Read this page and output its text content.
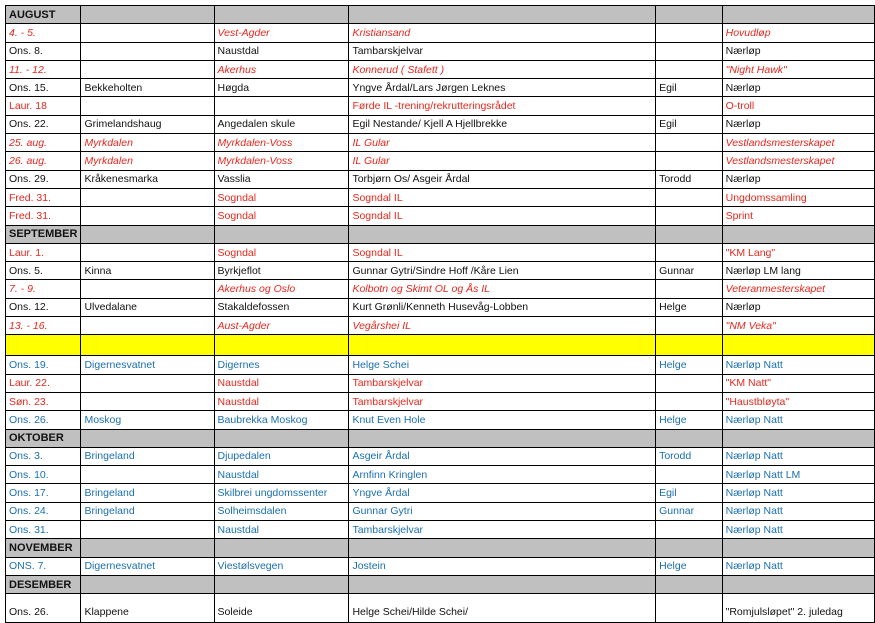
AUGUST					
4. - 5.		Vest-Agder	Kristiansand		Hovudløp
Ons. 8.		Naustdal	Tambarskjelvar		Nærløp
11. - 12.		Akerhus	Konnerud ( Stafett )		"Night Hawk"
Ons. 15.	Bekkeholten	Høgda	Yngve Årdal/Lars Jørgen Leknes	Egil	Nærløp
Laur. 18			Førde IL -trening/rekrutteringsrådet		O-troll
Ons. 22.	Grimelandshaug	Angedalen skule	Egil Nestande/ Kjell A Hjellbrekke	Egil	Nærløp
25. aug.	Myrkdalen	Myrkdalen-Voss	IL Gular		Vestlandsmesterskapet
26. aug.	Myrkdalen	Myrkdalen-Voss	IL Gular		Vestlandsmesterskapet
Ons. 29.	Kråkenesmarka	Vasslia	Torbjørn Os/ Asgeir Årdal	Torodd	Nærløp
Fred. 31.		Sogndal	Sogndal IL		Ungdomssamling
Fred. 31.		Sogndal	Sogndal IL		Sprint
SEPTEMBER					
Laur. 1.		Sogndal	Sogndal IL		"KM Lang"
Ons. 5.	Kinna	Byrkjeflot	Gunnar Gytri/Sindre Hoff /Kåre Lien	Gunnar	Nærløp LM lang
7. - 9.		Akerhus og Oslo	Kolbotn og Skimt OL og Ås IL		Veteranmesterskapet
Ons. 12.	Ulvedalane	Stakaldefossen	Kurt Grønli/Kenneth Husevåg-Lobben	Helge	Nærløp
13. - 16.		Aust-Agder	Vegårshei IL		"NM Veka"

Ons. 19.	Digernesvatnet	Digernes	Helge Schei	Helge	Nærløp Natt
Laur. 22.		Naustdal	Tambarskjelvar		"KM Natt"
Søn. 23.		Naustdal	Tambarskjelvar		"Haustbløyta"
Ons. 26.	Moskog	Baubrekka Moskog	Knut Even Hole	Helge	Nærløp Natt
OKTOBER					
Ons. 3.	Bringeland	Djupedalen	Asgeir Årdal	Torodd	Nærløp Natt
Ons. 10.		Naustdal	Arnfinn Kringlen		Nærløp Natt LM
Ons. 17.	Bringeland	Skilbrei ungdomssenter	Yngve Årdal	Egil	Nærløp Natt
Ons. 24.	Bringeland	Solheimsdalen	Gunnar Gytri	Gunnar	Nærløp Natt
Ons. 31.		Naustdal	Tambarskjelvar		Nærløp Natt
NOVEMBER					
ONS. 7.	Digernesvatnet	Viestølsvegen	Jostein	Helge	Nærløp Natt
DESEMBER					
Ons. 26.	Klappene	Soleide	Helge Schei/Hilde Schei/		"Romjulsløpet" 2. juledag
